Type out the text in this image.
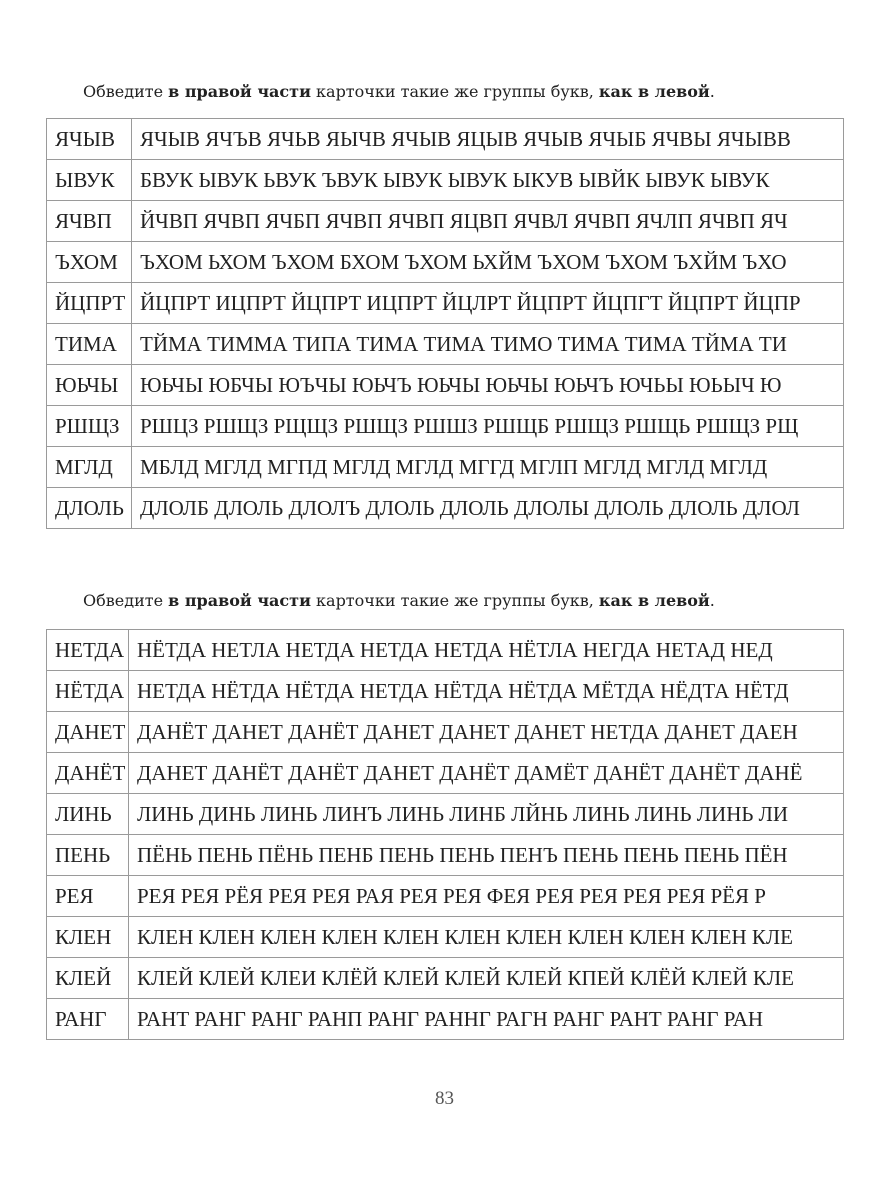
Обведите в правой части карточки такие же группы букв, как в левой.
ЯЧЫВ	ЯЧЫВ ЯЧЪВ ЯЧЬВ ЯЫЧВ ЯЧЫВ ЯЦЫВ ЯЧЫВ ЯЧЫБ ЯЧВЫ ЯЧЫВВ
ЫВУК	БВУК ЫВУК ЬВУК ЪВУК ЫВУК ЫВУК ЫКУВ ЫВЙК ЫВУК ЫВУК
ЯЧВП	ЙЧВП ЯЧВП ЯЧБП ЯЧВП ЯЧВП ЯЦВП ЯЧВЛ ЯЧВП ЯЧЛП ЯЧВП ЯЧ
ЪХОМ	ЪХОМ ЬХОМ ЪХОМ БХОМ ЪХОМ ЬХЙМ ЪХОМ ЪХОМ ЪХЙМ ЪХО
ЙЦПРТ	ЙЦПРТ ИЦПРТ ЙЦПРТ ИЦПРТ ЙЦЛРТ ЙЦПРТ ЙЦПГТ ЙЦПРТ ЙЦПР
ТИМА	ТЙМА ТИММА ТИПА ТИМА ТИМА ТИМО ТИМА ТИМА ТЙМА ТИ
ЮЬЧЫ	ЮЬЧЫ ЮБЧЫ ЮЪЧЫ ЮЬЧЪ ЮЬЧЫ ЮЬЧЫ ЮЬЧЪ ЮЧЬЫ ЮЬЫЧ Ю
РШЩЗ	РШЦЗ РШЩЗ РЩЩЗ РШЩЗ РШШЗ РШЩБ РШЩЗ РШЩЬ РШЩЗ РЩ
МГЛД	МБЛД МГЛД МГПД МГЛД МГЛД МГГД МГЛП МГЛД МГЛД МГЛД
ДЛОЛЬ	ДЛОЛБ ДЛОЛЬ ДЛОЛЪ ДЛОЛЬ ДЛОЛЬ ДЛОЛЫ ДЛОЛЬ ДЛОЛЬ ДЛОЛ
Обведите в правой части карточки такие же группы букв, как в левой.
НЕТДА	НЁТДА НЕТЛА НЕТДА НЕТДА НЕТДА НЁТЛА НЕГДА НЕТАД НЕД
НЁТДА	НЕТДА НЁТДА НЁТДА НЕТДА НЁТДА НЁТДА МЁТДА НЁДТА НЁТД
ДАНЕТ	ДАНЁТ ДАНЕТ ДАНЁТ ДАНЕТ ДАНЕТ ДАНЕТ НЕТДА ДАНЕТ ДАЕН
ДАНЁТ	ДАНЕТ ДАНЁТ ДАНЁТ ДАНЕТ ДАНЁТ ДАМЁТ ДАНЁТ ДАНЁТ ДАНЁ
ЛИНЬ	ЛИНЬ ДИНЬ ЛИНЬ ЛИНЪ ЛИНЬ ЛИНБ ЛЙНЬ ЛИНЬ ЛИНЬ ЛИНЬ ЛИ
ПЕНЬ	ПЁНЬ ПЕНЬ ПЁНЬ ПЕНБ ПЕНЬ ПЕНЬ ПЕНЪ ПЕНЬ ПЕНЬ ПЕНЬ ПЁН
РЕЯ	РЕЯ РЕЯ РЁЯ РЕЯ РЕЯ РАЯ РЕЯ РЕЯ ФЕЯ РЕЯ РЕЯ РЕЯ РЕЯ РЁЯ Р
КЛЕН	КЛЕН КЛЕН КЛЕН КЛЕН КЛЕН КЛЕН КЛЕН КЛЕН КЛЕН КЛЕН КЛЕ
КЛЕЙ	КЛЕЙ КЛЕЙ КЛЕИ КЛЁЙ КЛЕЙ КЛЕЙ КЛЕЙ КПЕЙ КЛЁЙ КЛЕЙ КЛЕ
РАНГ	РАНТ РАНГ РАНГ РАНП РАНГ РАННГ РАГН РАНГ РАНТ РАНГ РАН
83
